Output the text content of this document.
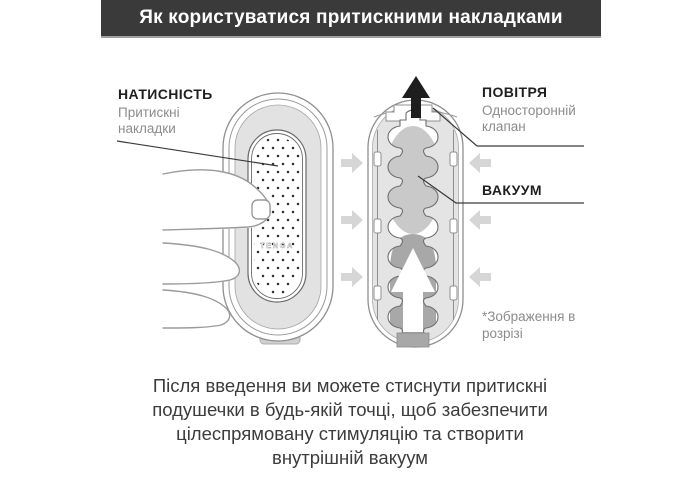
Як користуватися притискними накладками
TENGA
НАТИСНІСТЬ

Притискні накладки

ПОВІТРЯ

Односторонній клапан

ВАКУУМ
*Зображення в розрізі
Після введення ви можете стиснути притискні
подушечки в будь-якій точці, щоб забезпечити
цілеспрямовану стимуляцію та створити
внутрішній вакуум
